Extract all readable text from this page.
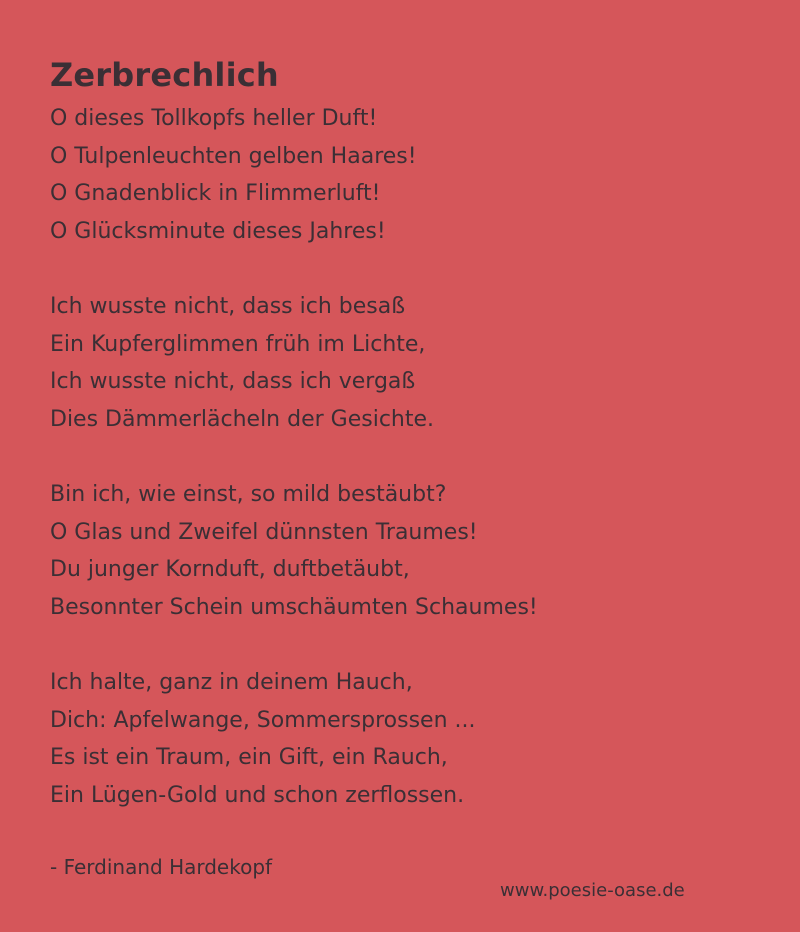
Zerbrechlich
O dieses Tollkopfs heller Duft!
O Tulpenleuchten gelben Haares!
O Gnadenblick in Flimmerluft!
O Glücksminute dieses Jahres!
Ich wusste nicht, dass ich besaß
Ein Kupferglimmen früh im Lichte,
Ich wusste nicht, dass ich vergaß
Dies Dämmerlächeln der Gesichte.
Bin ich, wie einst, so mild bestäubt?
O Glas und Zweifel dünnsten Traumes!
Du junger Kornduft, duftbetäubt,
Besonnter Schein umschäumten Schaumes!
Ich halte, ganz in deinem Hauch,
Dich: Apfelwange, Sommersprossen ...
Es ist ein Traum, ein Gift, ein Rauch,
Ein Lügen-Gold und schon zerflossen.
- Ferdinand Hardekopf
www.poesie-oase.de
